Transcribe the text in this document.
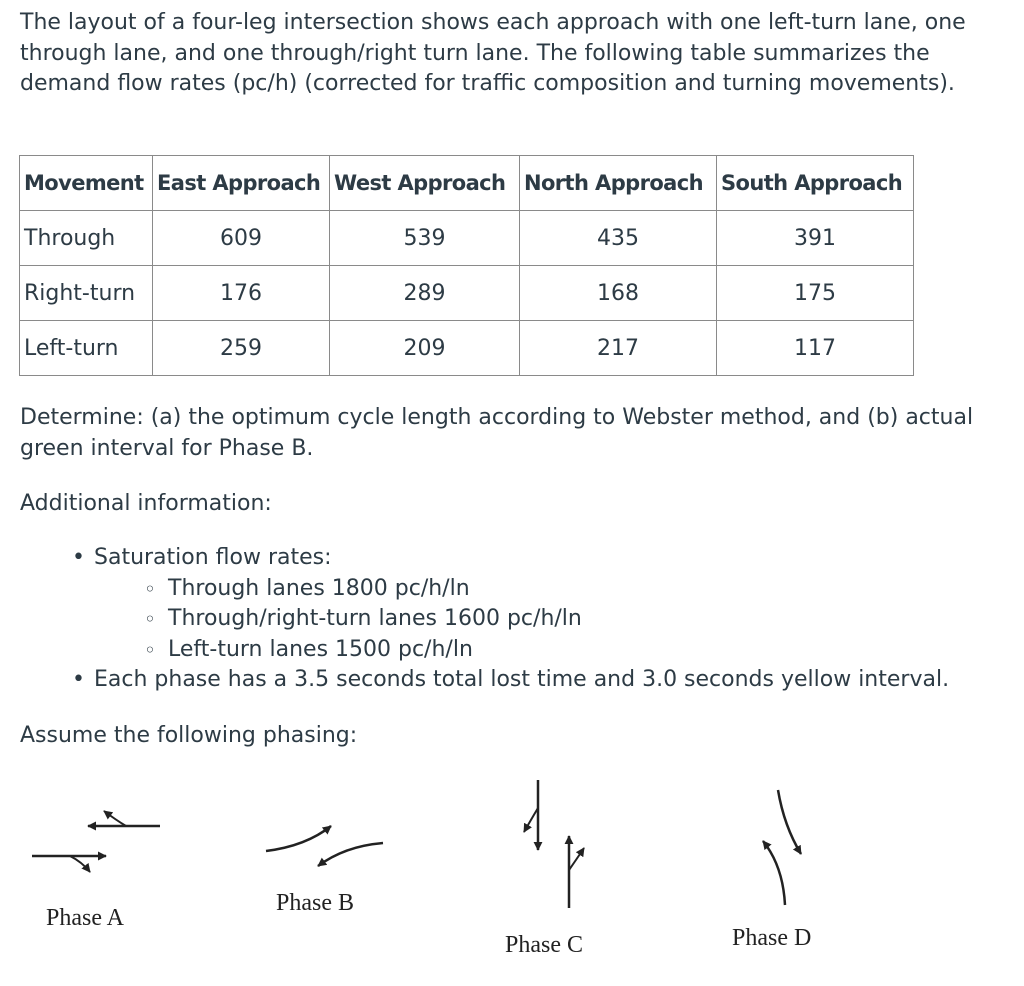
The layout of a four-leg intersection shows each approach with one left-turn lane, one through lane, and one through/right turn lane. The following table summarizes the demand flow rates (pc/h) (corrected for traffic composition and turning movements).

Movement	East Approach	West Approach	North Approach	South Approach
Through	609	539	435	391
Right-turn	176	289	168	175
Left-turn	259	209	217	117

Determine: (a) the optimum cycle length according to Webster method, and (b) actual green interval for Phase B.

Additional information:

• Saturation flow rates:
◦ Through lanes 1800 pc/h/ln
◦ Through/right-turn lanes 1600 pc/h/ln
◦ Left-turn lanes 1500 pc/h/ln
• Each phase has a 3.5 seconds total lost time and 3.0 seconds yellow interval.

Assume the following phasing:

Phase A
Phase B
Phase C	Phase D
